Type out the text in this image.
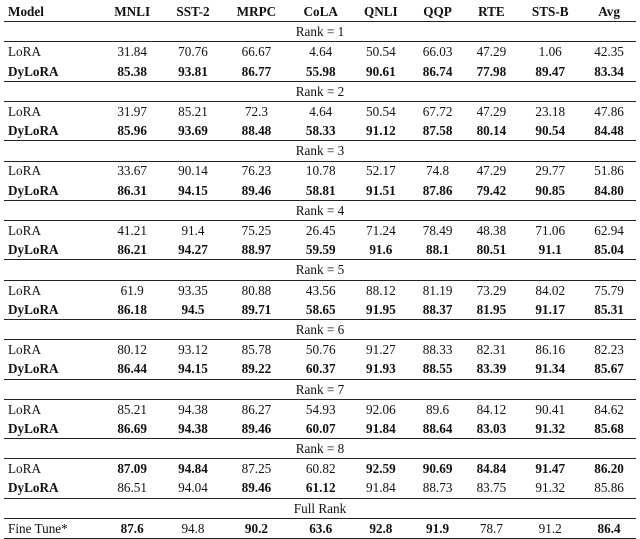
Model	MNLI	SST-2	MRPC	CoLA	QNLI	QQP	RTE	STS-B	Avg
Rank = 1									
LoRA	31.84	70.76	66.67	4.64	50.54	66.03	47.29	1.06	42.35
DyLoRA	85.38	93.81	86.77	55.98	90.61	86.74	77.98	89.47	83.34
Rank = 2									
LoRA	31.97	85.21	72.3	4.64	50.54	67.72	47.29	23.18	47.86
DyLoRA	85.96	93.69	88.48	58.33	91.12	87.58	80.14	90.54	84.48
Rank = 3									
LoRA	33.67	90.14	76.23	10.78	52.17	74.8	47.29	29.77	51.86
DyLoRA	86.31	94.15	89.46	58.81	91.51	87.86	79.42	90.85	84.80
Rank = 4									
LoRA	41.21	91.4	75.25	26.45	71.24	78.49	48.38	71.06	62.94
DyLoRA	86.21	94.27	88.97	59.59	91.6	88.1	80.51	91.1	85.04
Rank = 5									
LoRA	61.9	93.35	80.88	43.56	88.12	81.19	73.29	84.02	75.79
DyLoRA	86.18	94.5	89.71	58.65	91.95	88.37	81.95	91.17	85.31
Rank = 6									
LoRA	80.12	93.12	85.78	50.76	91.27	88.33	82.31	86.16	82.23
DyLoRA	86.44	94.15	89.22	60.37	91.93	88.55	83.39	91.34	85.67
Rank = 7									
LoRA	85.21	94.38	86.27	54.93	92.06	89.6	84.12	90.41	84.62
DyLoRA	86.69	94.38	89.46	60.07	91.84	88.64	83.03	91.32	85.68
Rank = 8									
LoRA	87.09	94.84	87.25	60.82	92.59	90.69	84.84	91.47	86.20
DyLoRA	86.51	94.04	89.46	61.12	91.84	88.73	83.75	91.32	85.86
Full Rank									
Fine Tune*	87.6	94.8	90.2	63.6	92.8	91.9	78.7	91.2	86.4
